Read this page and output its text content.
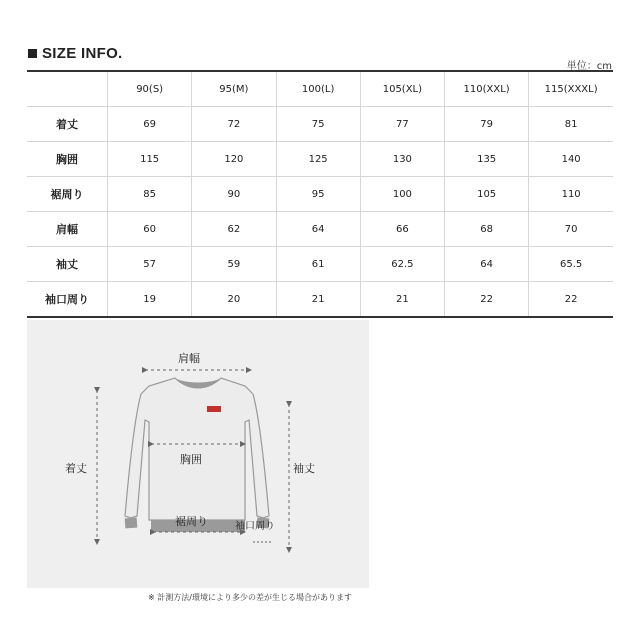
SIZE INFO.
単位：cm
	90(S)	95(M)	100(L)	105(XL)	110(XXL)	115(XXXL)
着丈	69	72	75	77	79	81
胸囲	115	120	125	130	135	140
裾周り	85	90	95	100	105	110
肩幅	60	62	64	66	68	70
袖丈	57	59	61	62.5	64	65.5
袖口周り	19	20	21	21	22	22
肩幅
着丈
胸囲
袖丈
裾周り	袖口周り
※ 計測方法/環境により多少の差が生じる場合があります
